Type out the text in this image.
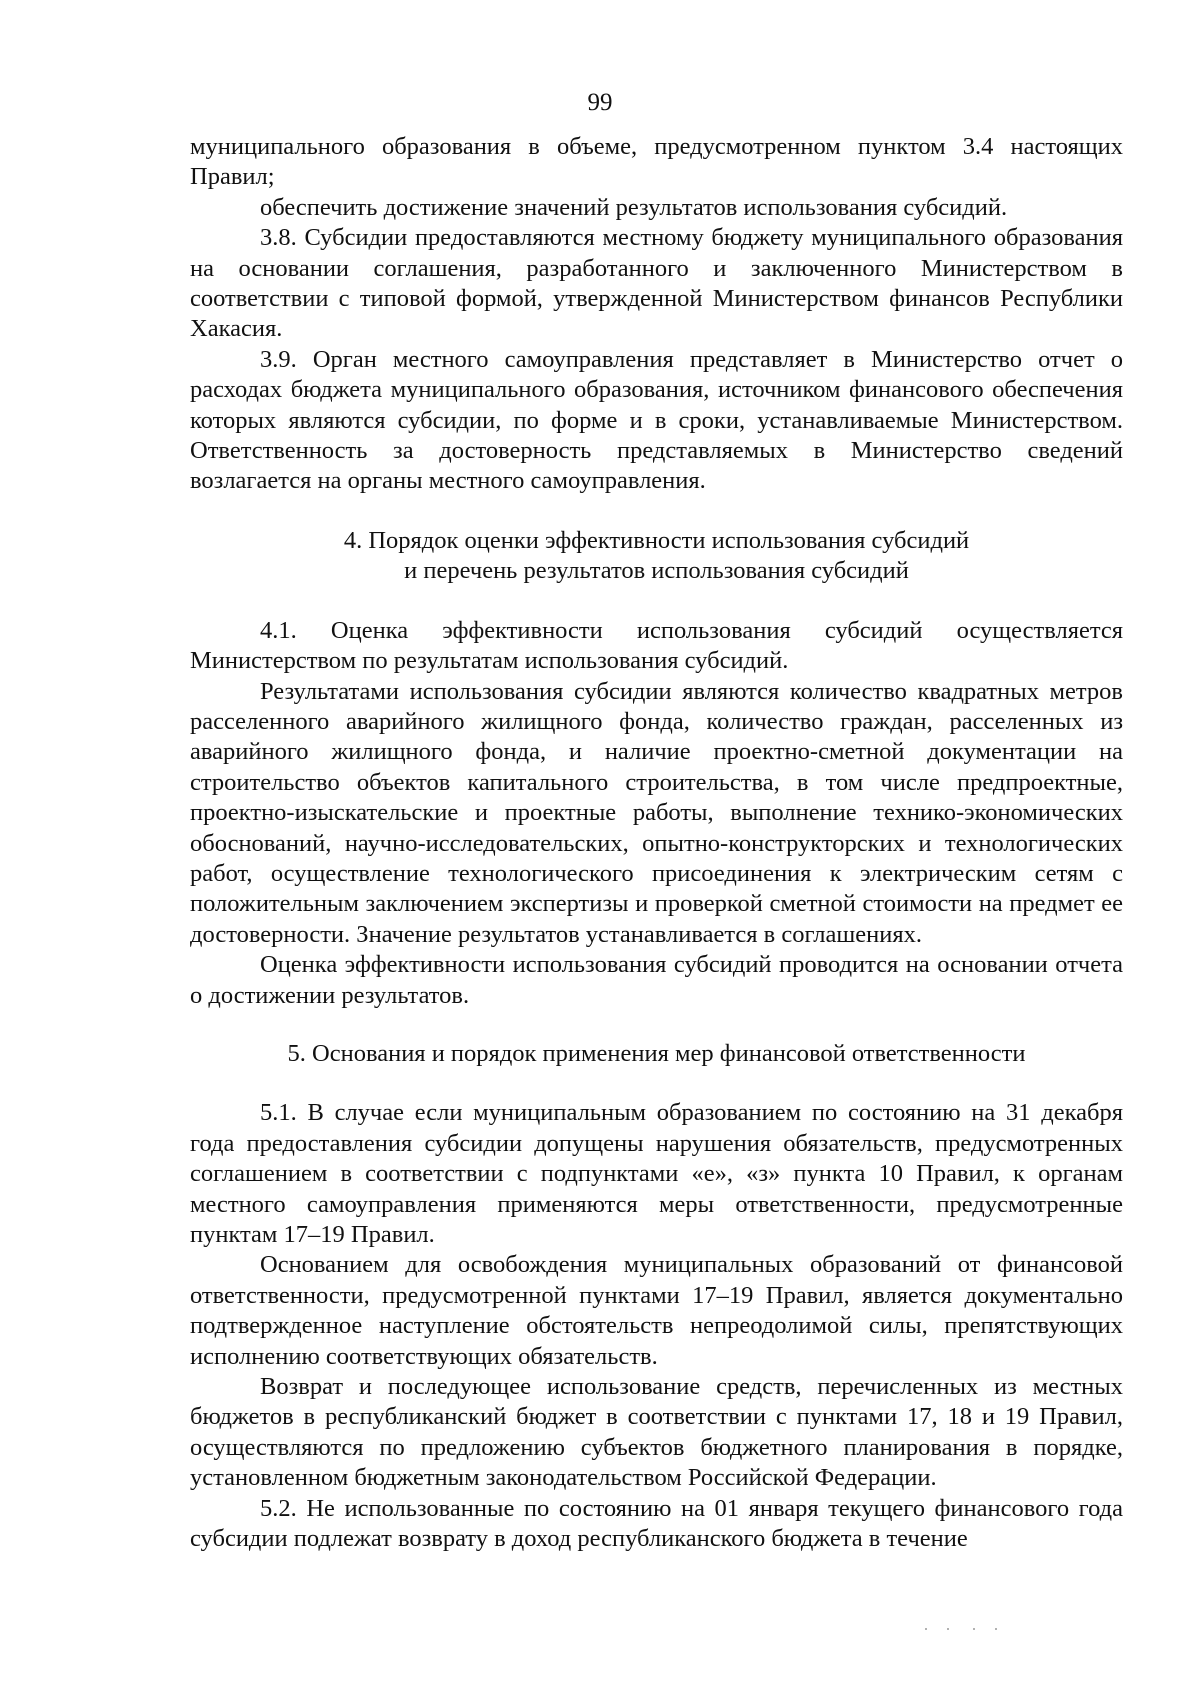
99

муниципального образования в объеме, предусмотренном пунктом 3.4 настоящих Правил;

обеспечить достижение значений результатов использования субсидий.

3.8. Субсидии предоставляются местному бюджету муниципального образования на основании соглашения, разработанного и заключенного Министерством в соответствии с типовой формой, утвержденной Министерством финансов Республики Хакасия.

3.9. Орган местного самоуправления представляет в Министерство отчет о расходах бюджета муниципального образования, источником финансового обеспечения которых являются субсидии, по форме и в сроки, устанавливаемые Министерством. Ответственность за достоверность представляемых в Министерство сведений возлагается на органы местного самоуправления.

4. Порядок оценки эффективности использования субсидий

и перечень результатов использования субсидий

4.1. Оценка эффективности использования субсидий осуществляется Министерством по результатам использования субсидий.

Результатами использования субсидии являются количество квадратных метров расселенного аварийного жилищного фонда, количество граждан, расселенных из аварийного жилищного фонда, и наличие проектно-сметной документации на строительство объектов капитального строительства, в том числе предпроектные, проектно-изыскательские и проектные работы, выполнение технико-экономических обоснований, научно-исследовательских, опытно-конструкторских и технологических работ, осуществление технологического присоединения к электрическим сетям с положительным заключением экспертизы и проверкой сметной стоимости на предмет ее достоверности. Значение результатов устанавливается в соглашениях.

Оценка эффективности использования субсидий проводится на основании отчета о достижении результатов.

5. Основания и порядок применения мер финансовой ответственности

5.1. В случае если муниципальным образованием по состоянию на 31 декабря года предоставления субсидии допущены нарушения обязательств, предусмотренных соглашением в соответствии с подпунктами «е», «з» пункта 10 Правил, к органам местного самоуправления применяются меры ответственности, предусмотренные пунктам 17–19 Правил.

Основанием для освобождения муниципальных образований от финансовой ответственности, предусмотренной пунктами 17–19 Правил, является документально подтвержденное наступление обстоятельств непреодолимой силы, препятствующих исполнению соответствующих обязательств.

Возврат и последующее использование средств, перечисленных из местных бюджетов в республиканский бюджет в соответствии с пунктами 17, 18 и 19 Правил, осуществляются по предложению субъектов бюджетного планирования в порядке, установленном бюджетным законодательством Российской Федерации.

5.2. Не использованные по состоянию на 01 января текущего финансового года субсидии подлежат возврату в доход республиканского бюджета в течение
